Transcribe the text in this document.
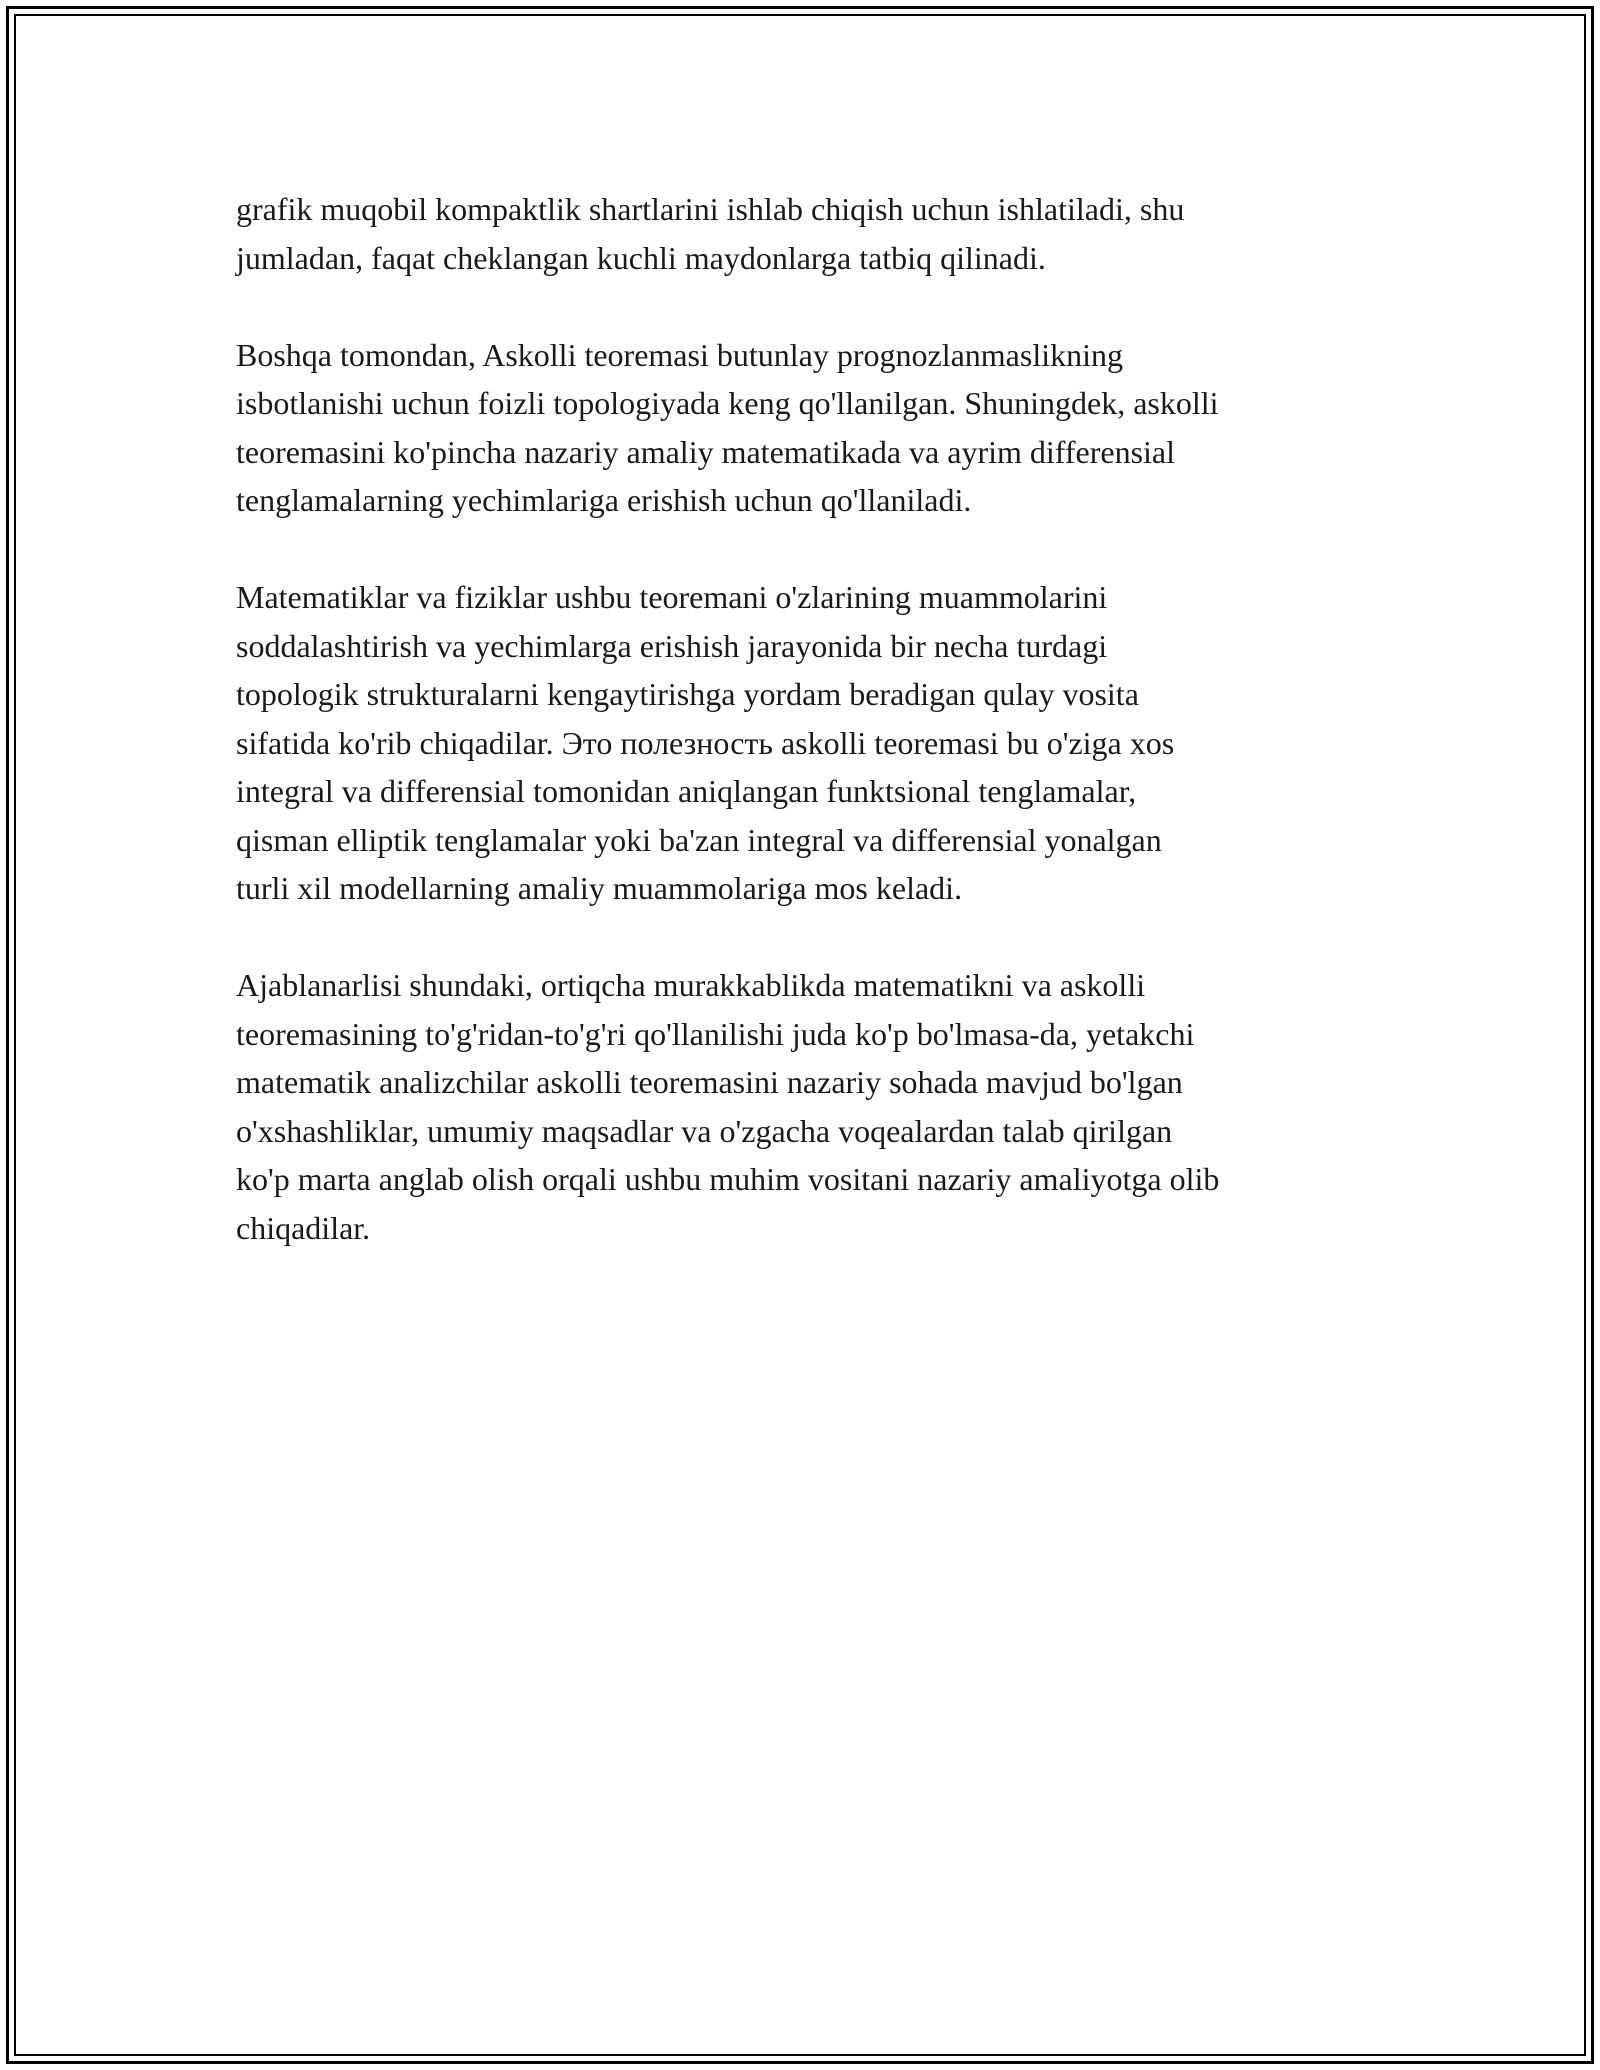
grafik muqobil kompaktlik shartlarini ishlab chiqish uchun ishlatiladi, shu
jumladan, faqat cheklangan kuchli maydonlarga tatbiq qilinadi.

Boshqa tomondan, Askolli teoremasi butunlay prognozlanmaslikning
isbotlanishi uchun foizli topologiyada keng qo'llanilgan. Shuningdek, askolli
teoremasini ko'pincha nazariy amaliy matematikada va ayrim differensial
tenglamalarning yechimlariga erishish uchun qo'llaniladi.

Matematiklar va fiziklar ushbu teoremani o'zlarining muammolarini
soddalashtirish va yechimlarga erishish jarayonida bir necha turdagi
topologik strukturalarni kengaytirishga yordam beradigan qulay vosita
sifatida ko'rib chiqadilar. Это полезность askolli teoremasi bu o'ziga xos
integral va differensial tomonidan aniqlangan funktsional tenglamalar,
qisman elliptik tenglamalar yoki ba'zan integral va differensial yonalgan
turli xil modellarning amaliy muammolariga mos keladi.

Ajablanarlisi shundaki, ortiqcha murakkablikda matematikni va askolli
teoremasining to'g'ridan-to'g'ri qo'llanilishi juda ko'p bo'lmasa-da, yetakchi
matematik analizchilar askolli teoremasini nazariy sohada mavjud bo'lgan
o'xshashliklar, umumiy maqsadlar va o'zgacha voqealardan talab qirilgan
ko'p marta anglab olish orqali ushbu muhim vositani nazariy amaliyotga olib
chiqadilar.
